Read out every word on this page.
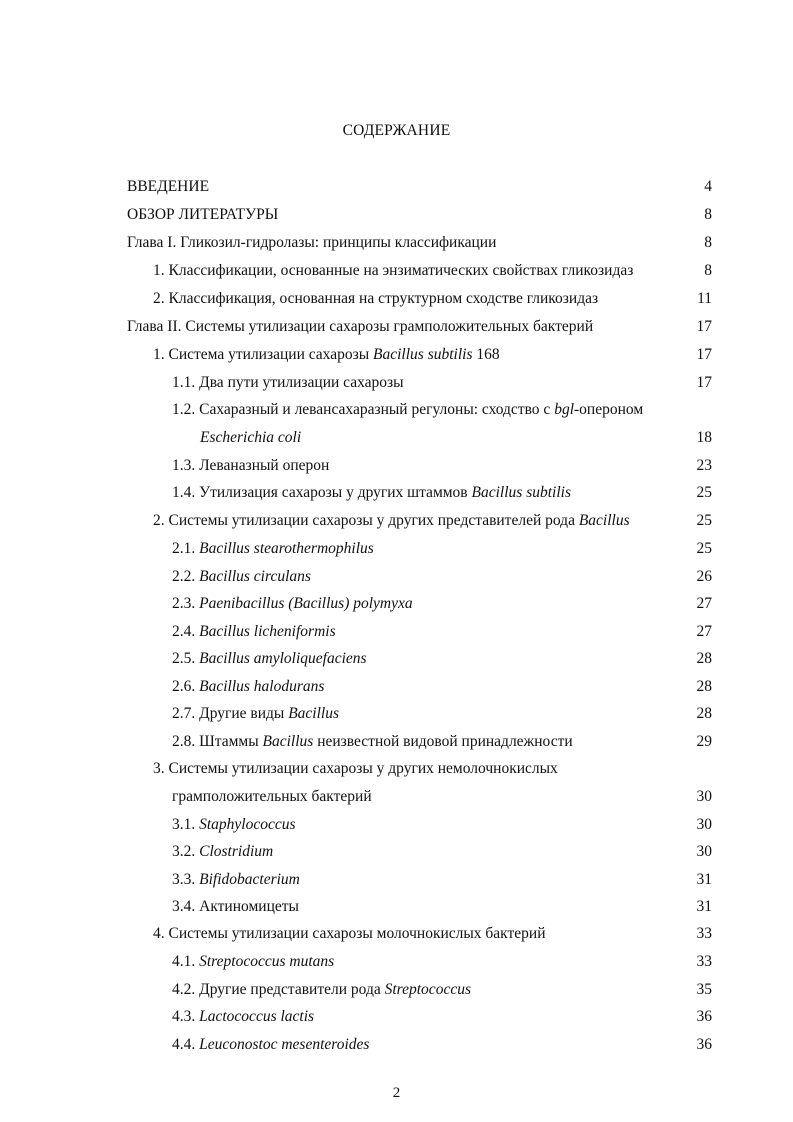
СОДЕРЖАНИЕ
ВВЕДЕНИЕ	4
ОБЗОР ЛИТЕРАТУРЫ	8
Глава I. Гликозил-гидролазы: принципы классификации	8
1. Классификации, основанные на энзиматических свойствах гликозидаз	8
2. Классификация, основанная на структурном сходстве гликозидаз	11
Глава II. Системы утилизации сахарозы грамположительных бактерий	17
1. Система утилизации сахарозы Bacillus subtilis 168	17
1.1. Два пути утилизации сахарозы	17
1.2. Сахаразный и левансахаразный регулоны: сходство с bgl-опероном
Escherichia coli	18
1.3. Леваназный оперон	23
1.4. Утилизация сахарозы у других штаммов Bacillus subtilis	25
2. Системы утилизации сахарозы у других представителей рода Bacillus	25
2.1. Bacillus stearothermophilus	25
2.2. Bacillus circulans	26
2.3. Paenibacillus (Bacillus) polymyxa	27
2.4. Bacillus licheniformis	27
2.5. Bacillus amyloliquefaciens	28
2.6. Bacillus halodurans	28
2.7. Другие виды Bacillus	28
2.8. Штаммы Bacillus неизвестной видовой принадлежности	29
3. Системы утилизации сахарозы у других немолочнокислых
грамположительных бактерий	30
3.1. Staphylococcus	30
3.2. Clostridium	30
3.3. Bifidobacterium	31
3.4. Актиномицеты	31
4. Системы утилизации сахарозы молочнокислых бактерий	33
4.1. Streptococcus mutans	33
4.2. Другие представители рода Streptococcus	35
4.3. Lactococcus lactis	36
4.4. Leuconostoc mesenteroides	36
2
